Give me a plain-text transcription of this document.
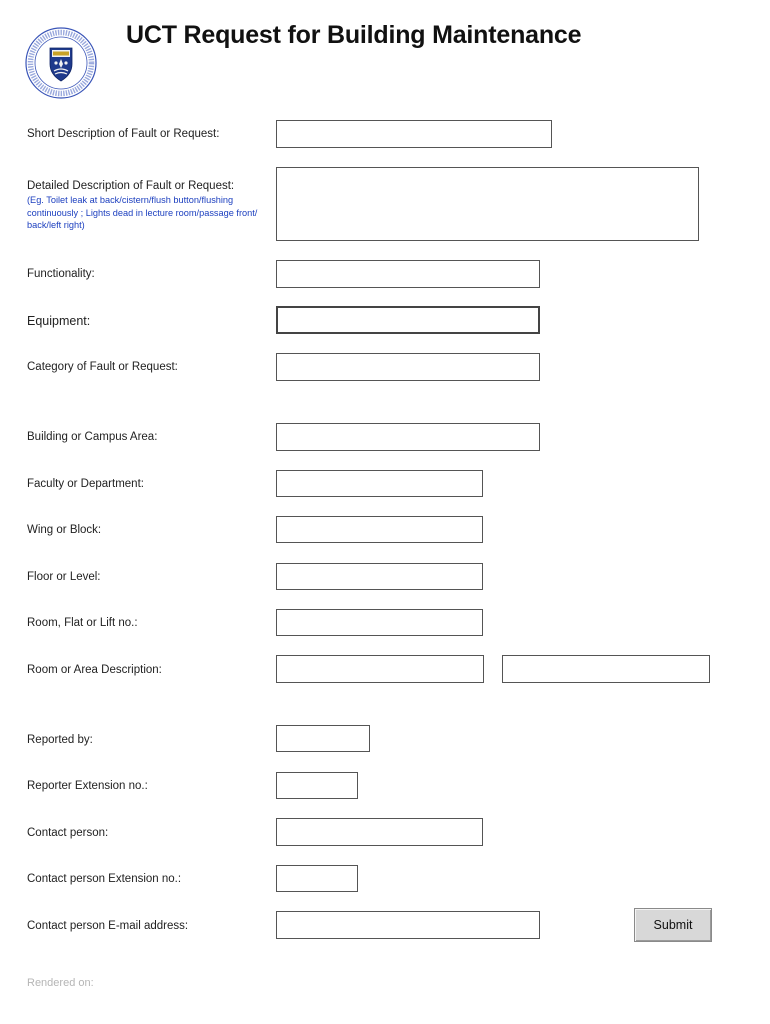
UCT Request for Building Maintenance
Short Description of Fault or Request:
Detailed Description of Fault or Request:
(Eg. Toilet leak at back/cistern/flush button/flushing continuously ; Lights dead in lecture room/passage front/ back/left right)
Functionality:
Equipment:
Category of Fault or Request:
Building or Campus Area:
Faculty or Department:
Wing or Block:
Floor or Level:
Room, Flat or Lift no.:
Room or Area Description:
Reported by:
Reporter Extension no.:
Contact person:
Contact person Extension no.:
Contact person E-mail address:	Submit
Rendered on:
